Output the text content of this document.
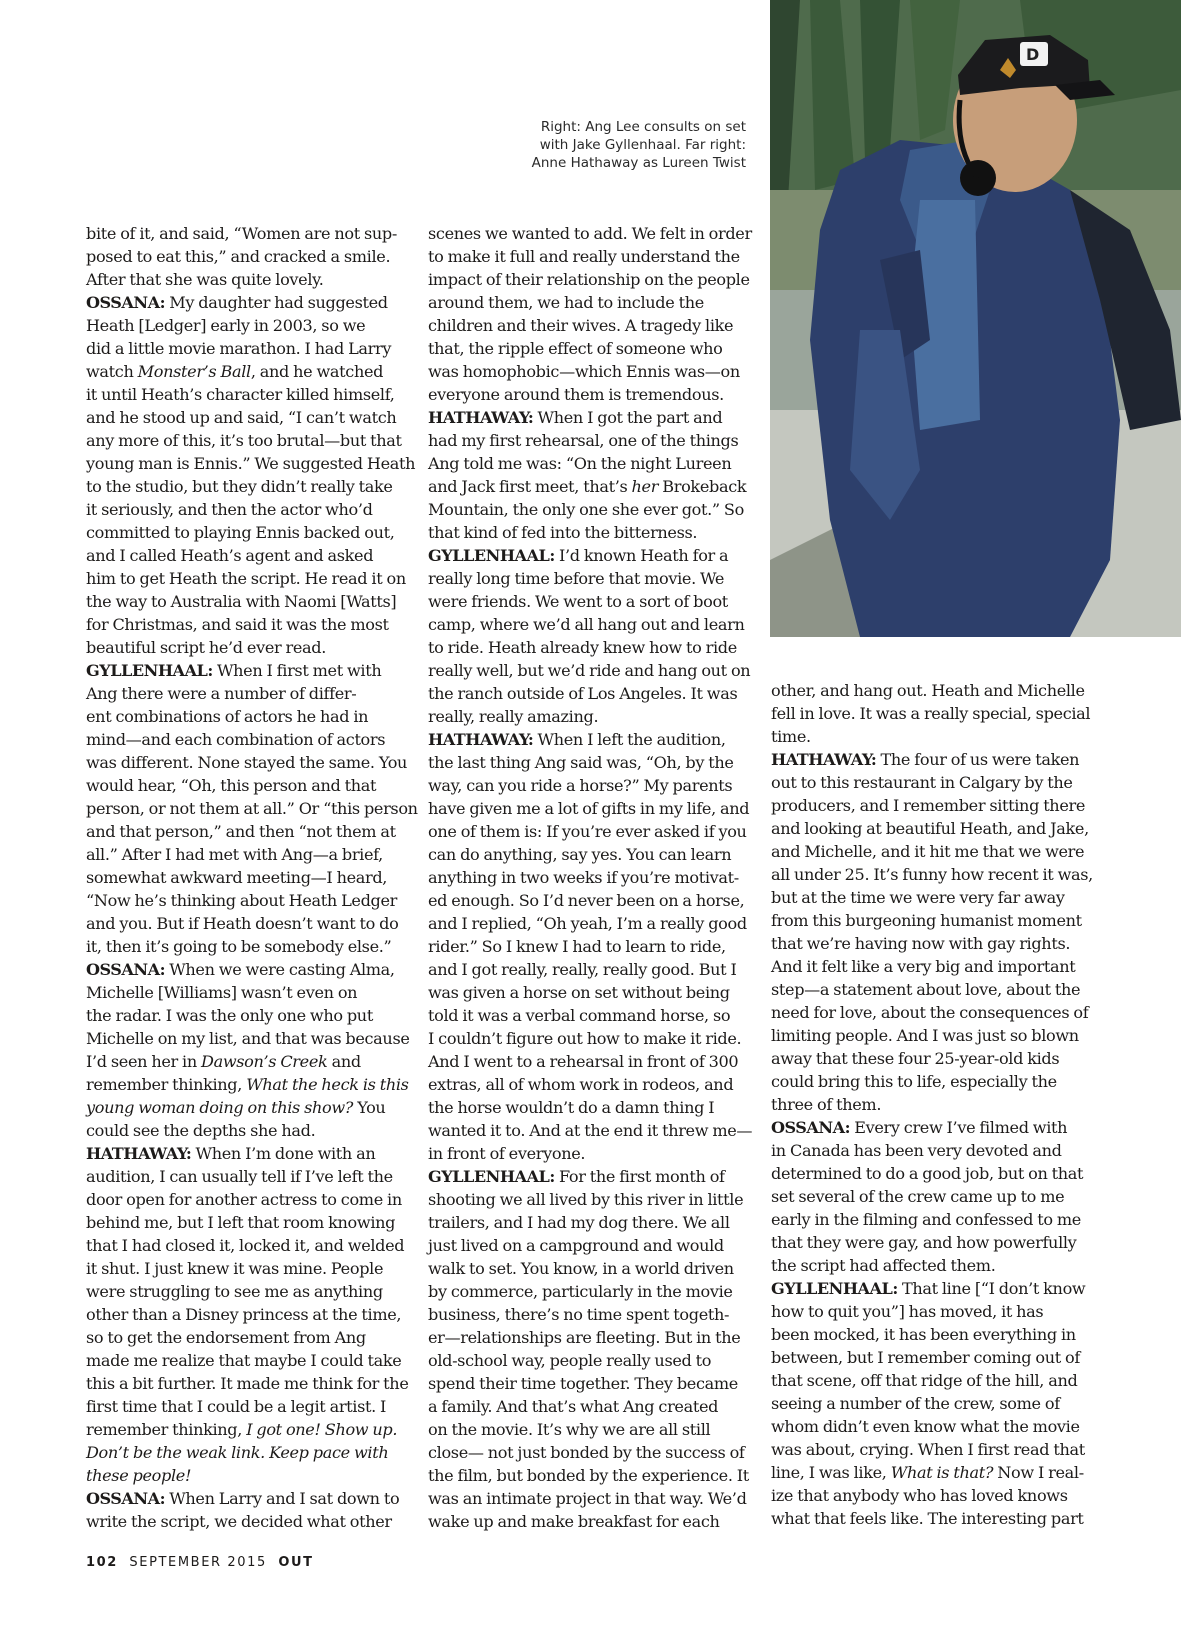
D
Right: Ang Lee consults on set
with Jake Gyllenhaal. Far right:
Anne Hathaway as Lureen Twist

bite of it, and said, “Women are not sup-

posed to eat this,” and cracked a smile.

After that she was quite lovely.

OSSANA: My daughter had suggested

Heath [Ledger] early in 2003, so we

did a little movie marathon. I had Larry

watch Monster’s Ball, and he watched

it until Heath’s character killed himself,

and he stood up and said, “I can’t watch

any more of this, it’s too brutal—but that

young man is Ennis.” We suggested Heath

to the studio, but they didn’t really take

it seriously, and then the actor who’d

committed to playing Ennis backed out,

and I called Heath’s agent and asked

him to get Heath the script. He read it on

the way to Australia with Naomi [Watts]

for Christmas, and said it was the most

beautiful script he’d ever read.

GYLLENHAAL: When I first met with

Ang there were a number of differ-

ent combinations of actors he had in

mind—and each combination of actors

was different. None stayed the same. You

would hear, “Oh, this person and that

person, or not them at all.” Or “this person

and that person,” and then “not them at

all.” After I had met with Ang—a brief,

somewhat awkward meeting—I heard,

“Now he’s thinking about Heath Ledger

and you. But if Heath doesn’t want to do

it, then it’s going to be somebody else.”

OSSANA: When we were casting Alma,

Michelle [Williams] wasn’t even on

the radar. I was the only one who put

Michelle on my list, and that was because

I’d seen her in Dawson’s Creek and

remember thinking, What the heck is this

young woman doing on this show? You

could see the depths she had.

HATHAWAY: When I’m done with an

audition, I can usually tell if I’ve left the

door open for another actress to come in

behind me, but I left that room knowing

that I had closed it, locked it, and welded

it shut. I just knew it was mine. People

were struggling to see me as anything

other than a Disney princess at the time,

so to get the endorsement from Ang

made me realize that maybe I could take

this a bit further. It made me think for the

first time that I could be a legit artist. I

remember thinking, I got one! Show up.

Don’t be the weak link. Keep pace with

these people!

OSSANA: When Larry and I sat down to

write the script, we decided what other

scenes we wanted to add. We felt in order

to make it full and really understand the

impact of their relationship on the people

around them, we had to include the

children and their wives. A tragedy like

that, the ripple effect of someone who

was homophobic—which Ennis was—on

everyone around them is tremendous.

HATHAWAY: When I got the part and

had my first rehearsal, one of the things

Ang told me was: “On the night Lureen

and Jack first meet, that’s her Brokeback

Mountain, the only one she ever got.” So

that kind of fed into the bitterness.

GYLLENHAAL: I’d known Heath for a

really long time before that movie. We

were friends. We went to a sort of boot

camp, where we’d all hang out and learn

to ride. Heath already knew how to ride

really well, but we’d ride and hang out on

the ranch outside of Los Angeles. It was

really, really amazing.

HATHAWAY: When I left the audition,

the last thing Ang said was, “Oh, by the

way, can you ride a horse?” My parents

have given me a lot of gifts in my life, and

one of them is: If you’re ever asked if you

can do anything, say yes. You can learn

anything in two weeks if you’re motivat-

ed enough. So I’d never been on a horse,

and I replied, “Oh yeah, I’m a really good

rider.” So I knew I had to learn to ride,

and I got really, really, really good. But I

was given a horse on set without being

told it was a verbal command horse, so

I couldn’t figure out how to make it ride.

And I went to a rehearsal in front of 300

extras, all of whom work in rodeos, and

the horse wouldn’t do a damn thing I

wanted it to. And at the end it threw me—

in front of everyone.

GYLLENHAAL: For the first month of

shooting we all lived by this river in little

trailers, and I had my dog there. We all

just lived on a campground and would

walk to set. You know, in a world driven

by commerce, particularly in the movie

business, there’s no time spent togeth-

er—relationships are fleeting. But in the

old-school way, people really used to

spend their time together. They became

a family. And that’s what Ang created

on the movie. It’s why we are all still

close— not just bonded by the success of

the film, but bonded by the experience. It

was an intimate project in that way. We’d

wake up and make breakfast for each

other, and hang out. Heath and Michelle

fell in love. It was a really special, special

time.

HATHAWAY: The four of us were taken

out to this restaurant in Calgary by the

producers, and I remember sitting there

and looking at beautiful Heath, and Jake,

and Michelle, and it hit me that we were

all under 25. It’s funny how recent it was,

but at the time we were very far away

from this burgeoning humanist moment

that we’re having now with gay rights.

And it felt like a very big and important

step—a statement about love, about the

need for love, about the consequences of

limiting people. And I was just so blown

away that these four 25-year-old kids

could bring this to life, especially the

three of them.

OSSANA: Every crew I’ve filmed with

in Canada has been very devoted and

determined to do a good job, but on that

set several of the crew came up to me

early in the filming and confessed to me

that they were gay, and how powerfully

the script had affected them.

GYLLENHAAL: That line [“I don’t know

how to quit you”] has moved, it has

been mocked, it has been everything in

between, but I remember coming out of

that scene, off that ridge of the hill, and

seeing a number of the crew, some of

whom didn’t even know what the movie

was about, crying. When I first read that

line, I was like, What is that? Now I real-

ize that anybody who has loved knows

what that feels like. The interesting part

102 SEPTEMBER 2015 OUT
